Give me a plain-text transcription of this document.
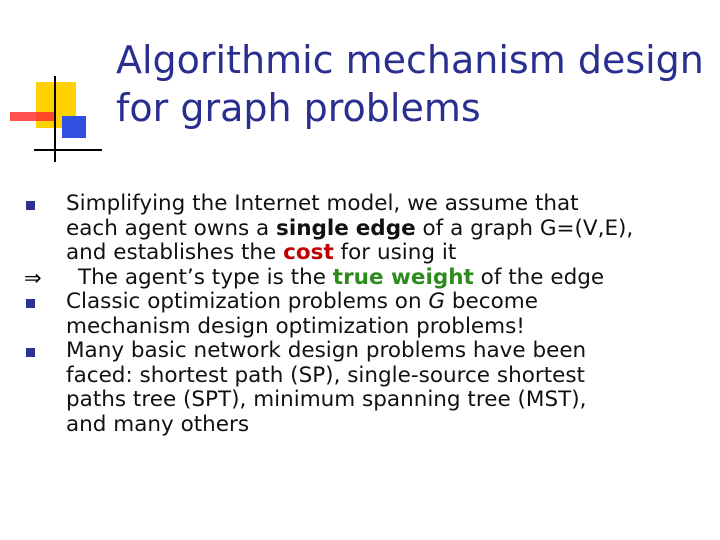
Algorithmic mechanism design
for graph problems
Simplifying the Internet model, we assume that
each agent owns a single edge of a graph G=(V,E),
and establishes the cost for using it
⇒ The agent’s type is the true weight of the edge
Classic optimization problems on G become
mechanism design optimization problems!
Many basic network design problems have been
faced: shortest path (SP), single-source shortest
paths tree (SPT), minimum spanning tree (MST),
and many others
